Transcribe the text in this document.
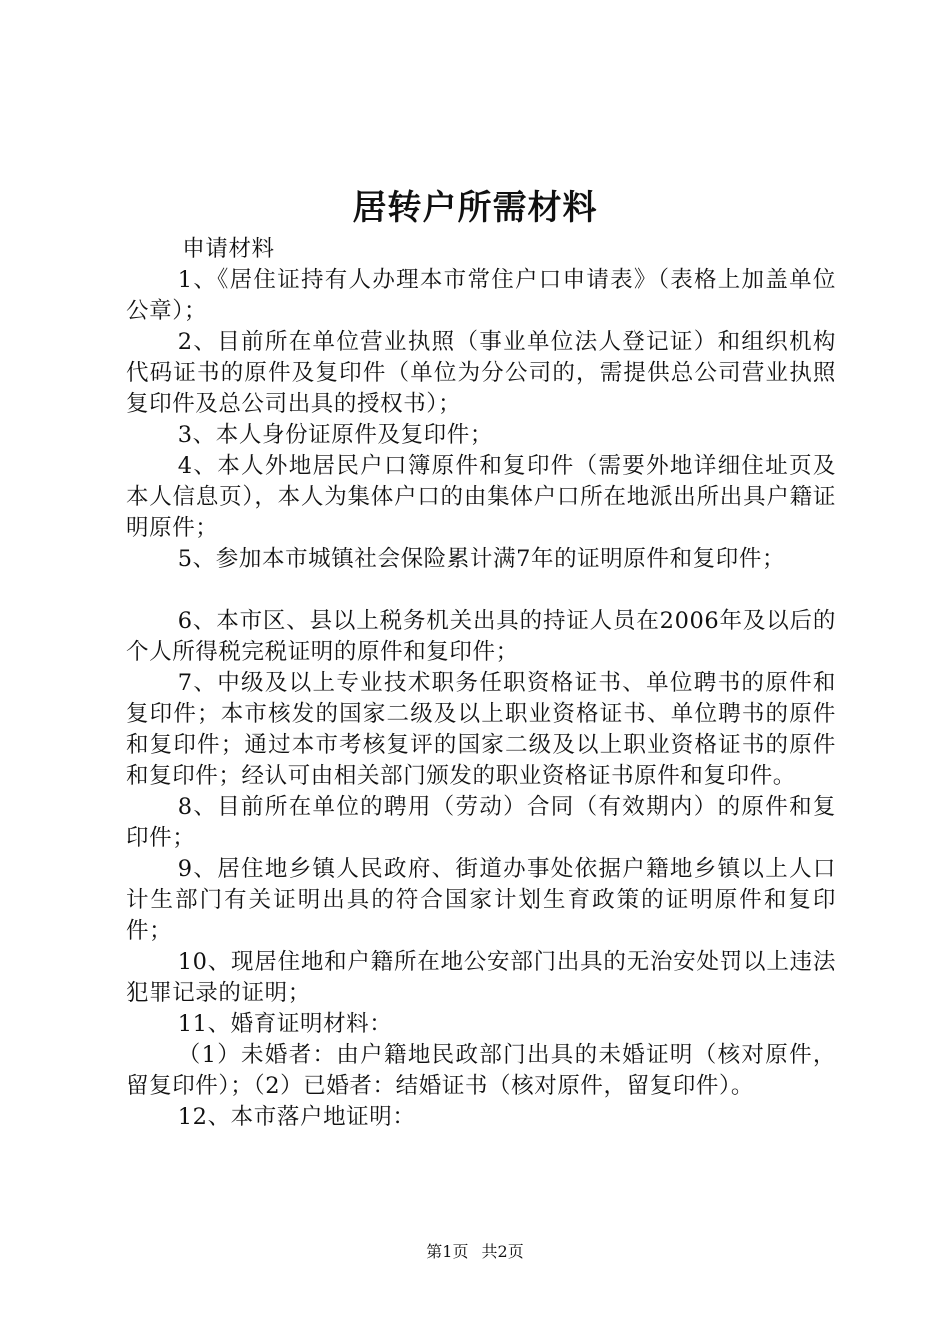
居转户所需材料

申请材料

1、《居住证持有人办理本市常住户口申请表》（表格上加盖单位公章）；

2、目前所在单位营业执照（事业单位法人登记证）和组织机构代码证书的原件及复印件（单位为分公司的，需提供总公司营业执照复印件及总公司出具的授权书）；

3、本人身份证原件及复印件；

4、本人外地居民户口簿原件和复印件（需要外地详细住址页及本人信息页），本人为集体户口的由集体户口所在地派出所出具户籍证明原件；

5、参加本市城镇社会保险累计满7年的证明原件和复印件；

6、本市区、县以上税务机关出具的持证人员在2006年及以后的个人所得税完税证明的原件和复印件；

7、中级及以上专业技术职务任职资格证书、单位聘书的原件和复印件；本市核发的国家二级及以上职业资格证书、单位聘书的原件和复印件；通过本市考核复评的国家二级及以上职业资格证书的原件和复印件；经认可由相关部门颁发的职业资格证书原件和复印件。

8、目前所在单位的聘用（劳动）合同（有效期内）的原件和复印件；

9、居住地乡镇人民政府、街道办事处依据户籍地乡镇以上人口计生部门有关证明出具的符合国家计划生育政策的证明原件和复印件；

10、现居住地和户籍所在地公安部门出具的无治安处罚以上违法犯罪记录的证明；

11、婚育证明材料：

（1）未婚者：由户籍地民政部门出具的未婚证明（核对原件，留复印件）；（2）已婚者：结婚证书（核对原件，留复印件）。

12、本市落户地证明：

第1页 共2页
